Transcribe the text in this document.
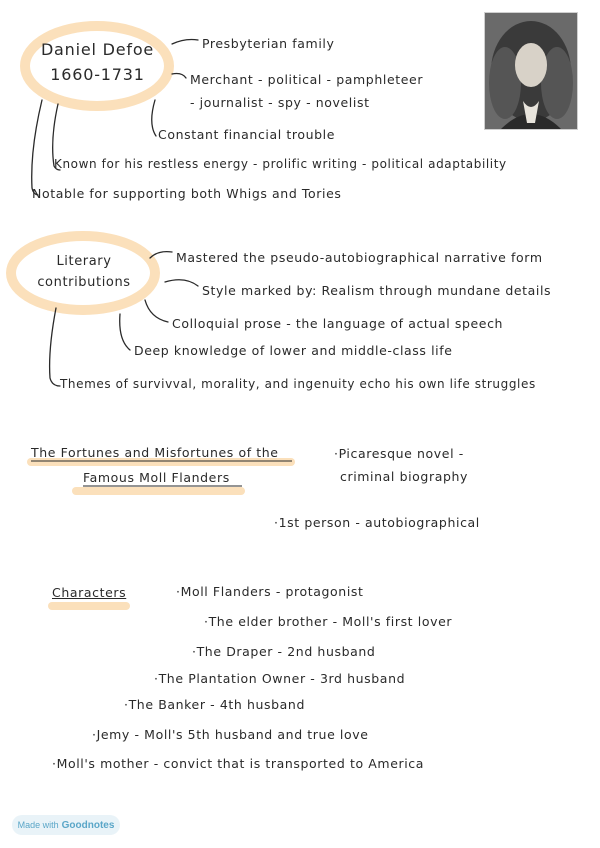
Daniel Defoe
1660-1731
Presbyterian family
Merchant - political - pamphleteer
- journalist - spy - novelist
Constant financial trouble
Known for his restless energy - prolific writing - political adaptability
Notable for supporting both Whigs and Tories
Literary
contributions
Mastered the pseudo-autobiographical narrative form
Style marked by: Realism through mundane details
Colloquial prose - the language of actual speech
Deep knowledge of lower and middle-class life
Themes of survivval, morality, and ingenuity echo his own life struggles
The Fortunes and Misfortunes of the
Famous Moll Flanders
·Picaresque novel -
criminal biography
·1st person - autobiographical
Characters	·Moll Flanders - protagonist
·The elder brother - Moll's first lover
·The Draper - 2nd husband
·The Plantation Owner - 3rd husband
·The Banker - 4th husband
·Jemy - Moll's 5th husband and true love
·Moll's mother - convict that is transported to America
Made with Goodnotes
